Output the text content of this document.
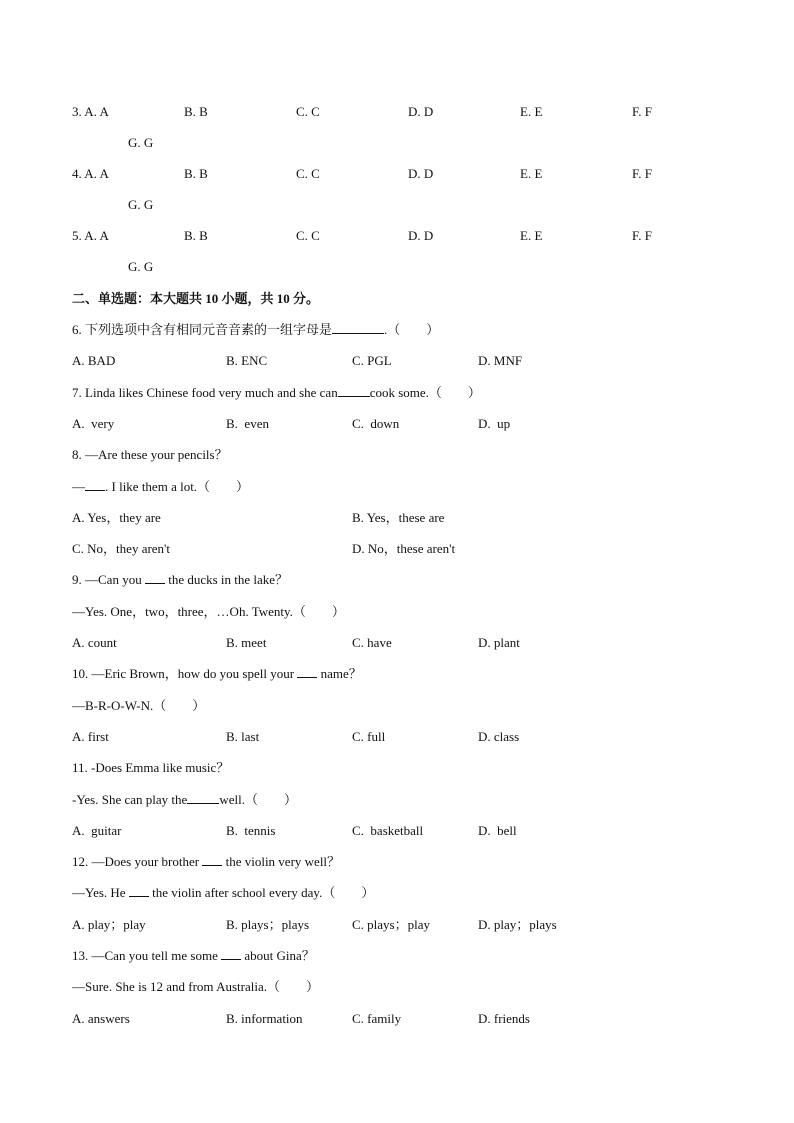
3. A. A	B. B	C. C	D. D	E. E	F. F
G. G
4. A. A	B. B	C. C	D. D	E. E	F. F
G. G
5. A. A	B. B	C. C	D. D	E. E	F. F
G. G
二、单选题：本大题共 10 小题，共 10 分。
6. 下列选项中含有相同元音音素的一组字母是	.（　　）
A. BAD	B. ENC	C. PGL	D. MNF
7. Linda likes Chinese food very much and she can cook some.（　　）
A.  very	B.  even	C.  down	D.  up
8. —Are these your pencils？
— . I like them a lot.（　　）
A. Yes，they are	B. Yes，these are
C. No，they aren't	D. No，these aren't
9. —Can you  the ducks in the lake？
—Yes. One，two，three，…Oh. Twenty.（　　）
A. count	B. meet	C. have	D. plant
10. —Eric Brown，how do you spell your  name？
—B-R-O-W-N.（　　）
A. first	B. last	C. full	D. class
11. -Does Emma like music？
-Yes. She can play the well.（　　）
A.  guitar	B.  tennis	C.  basketball	D.  bell
12. —Does your brother  the violin very well？
—Yes. He  the violin after school every day.（　　）
A. play；play	B. plays；plays	C. plays；play	D. play；plays
13. —Can you tell me some  about Gina？
—Sure. She is 12 and from Australia.（　　）
A. answers	B. information	C. family	D. friends
